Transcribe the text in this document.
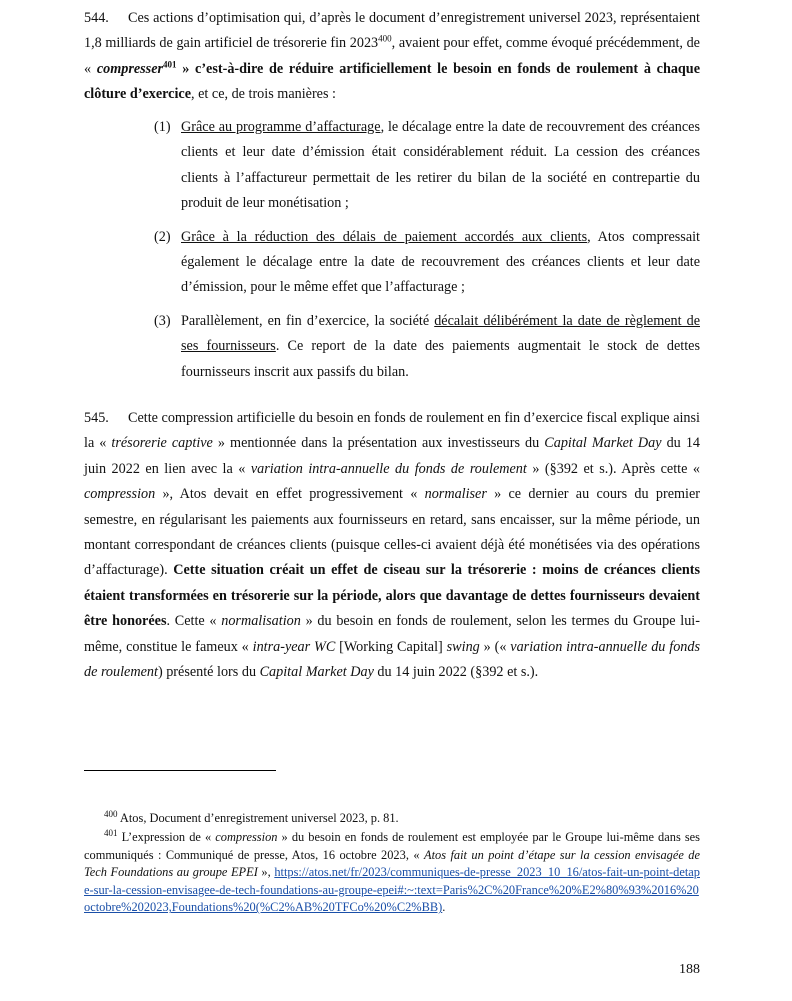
544. Ces actions d’optimisation qui, d’après le document d’enregistrement universel 2023, représentaient 1,8 milliards de gain artificiel de trésorerie fin 2023$^{400}$, avaient pour effet, comme évoqué précédemment, de « compresser$^{401}$ » c’est-à-dire de réduire artificiellement le besoin en fonds de roulement à chaque clôture d’exercice, et ce, de trois manières :
(1) Grâce au programme d’affacturage, le décalage entre la date de recouvrement des créances clients et leur date d’émission était considérablement réduit. La cession des créances clients à l’affactureur permettait de les retirer du bilan de la société en contrepartie du produit de leur monétisation ;
(2) Grâce à la réduction des délais de paiement accordés aux clients, Atos compressait également le décalage entre la date de recouvrement des créances clients et leur date d’émission, pour le même effet que l’affacturage ;
(3) Parallèlement, en fin d’exercice, la société décalait délibérément la date de règlement de ses fournisseurs. Ce report de la date des paiements augmentait le stock de dettes fournisseurs inscrit aux passifs du bilan.
545. Cette compression artificielle du besoin en fonds de roulement en fin d’exercice fiscal explique ainsi la « trésorerie captive » mentionnée dans la présentation aux investisseurs du Capital Market Day du 14 juin 2022 en lien avec la « variation intra-annuelle du fonds de roulement » (§392 et s.). Après cette « compression », Atos devait en effet progressivement « normaliser » ce dernier au cours du premier semestre, en régularisant les paiements aux fournisseurs en retard, sans encaisser, sur la même période, un montant correspondant de créances clients (puisque celles-ci avaient déjà été monétisées via des opérations d’affacturage). Cette situation créait un effet de ciseau sur la trésorerie : moins de créances clients étaient transformées en trésorerie sur la période, alors que davantage de dettes fournisseurs devaient être honorées. Cette « normalisation » du besoin en fonds de roulement, selon les termes du Groupe lui-même, constitue le fameux « intra-year WC [Working Capital] swing » (« variation intra-annuelle du fonds de roulement) présenté lors du Capital Market Day du 14 juin 2022 (§392 et s.).
$^{400}$ Atos, Document d’enregistrement universel 2023, p. 81.
$^{401}$ L’expression de « compression » du besoin en fonds de roulement est employée par le Groupe lui-même dans ses communiqués : Communiqué de presse, Atos, 16 octobre 2023, « Atos fait un point d’étape sur la cession envisagée de Tech Foundations au groupe EPEI », https://atos.net/fr/2023/communiques-de-presse_2023_10_16/atos-fait-un-point-detape-sur-la-cession-envisagee-de-tech-foundations-au-groupe-epei#:~:text=Paris%2C%20France%20%E2%80%93%2016%20octobre%202023,Foundations%20(%C2%AB%20TFCo%20%C2%BB).
188
